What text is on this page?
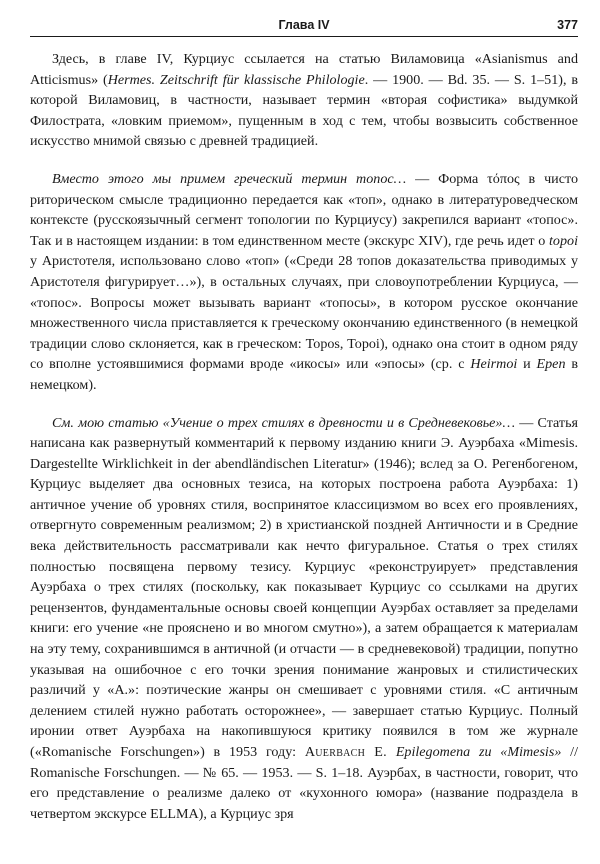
Глава IV	377

Здесь, в главе IV, Курциус ссылается на статью Виламовица «Asianismus and Atticismus» (Hermes. Zeitschrift für klassische Philologie. — 1900. — Bd. 35. — S. 1–51), в которой Виламовиц, в частности, называет термин «вторая софистика» выдумкой Филострата, «ловким приемом», пущенным в ход с тем, чтобы возвысить собственное искусство мнимой связью с древней традицией.

Вместо этого мы примем греческий термин топос… — Форма τόπος в чисто риторическом смысле традиционно передается как «топ», однако в литературоведческом контексте (русскоязычный сегмент топологии по Курциусу) закрепился вариант «топос». Так и в настоящем издании: в том единственном месте (экскурс XIV), где речь идет о topoi у Аристотеля, использовано слово «топ» («Среди 28 топов доказательства приводимых у Аристотеля фигурирует…»), в остальных случаях, при словоупотреблении Курциуса, — «топос». Вопросы может вызывать вариант «топосы», в котором русское окончание множественного числа приставляется к греческому окончанию единственного (в немецкой традиции слово склоняется, как в греческом: Topos, Topoi), однако она стоит в одном ряду со вполне устоявшимися формами вроде «икосы» или «эпосы» (ср. с Heirmoi и Epen в немецком).

См. мою статью «Учение о трех стилях в древности и в Средневековье»… — Статья написана как развернутый комментарий к первому изданию книги Э. Ауэрбаха «Mimesis. Dargestellte Wirklichkeit in der abendländischen Literatur» (1946); вслед за О. Регенбогеном, Курциус выделяет два основных тезиса, на которых построена работа Ауэрбаха: 1) античное учение об уровнях стиля, воспринятое классицизмом во всех его проявлениях, отвергнуто современным реализмом; 2) в христианской поздней Античности и в Средние века действительность рассматривали как нечто фигуральное. Статья о трех стилях полностью посвящена первому тезису. Курциус «реконструирует» представления Ауэрбаха о трех стилях (поскольку, как показывает Курциус со ссылками на других рецензентов, фундаментальные основы своей концепции Ауэрбах оставляет за пределами книги: его учение «не прояснено и во многом смутно»), а затем обращается к материалам на эту тему, сохранившимся в античной (и отчасти — в средневековой) традиции, попутно указывая на ошибочное с его точки зрения понимание жанровых и стилистических различий у «А.»: поэтические жанры он смешивает с уровнями стиля. «С античным делением стилей нужно работать осторожнее», — завершает статью Курциус. Полный иронии ответ Ауэрбаха на накопившуюся критику появился в том же журнале («Romanische Forschungen») в 1953 году: Auerbach E. Epilegomena zu «Mimesis» // Romanische Forschungen. — № 65. — 1953. — S. 1–18. Ауэрбах, в частности, говорит, что его представление о реализме далеко от «кухонного юмора» (название подраздела в четвертом экскурсе ELLMA), а Курциус зря
